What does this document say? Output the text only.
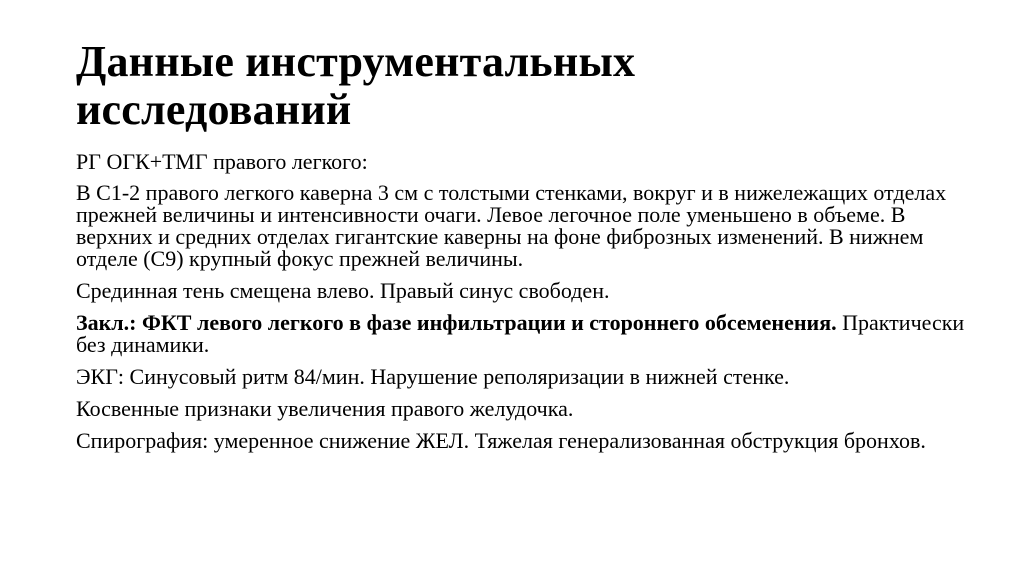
Данные инструментальных
исследований

РГ ОГК+ТМГ правого легкого:

В С1-2 правого легкого каверна 3 см с толстыми стенками, вокруг и в нижележащих отделах прежней величины и интенсивности очаги. Левое легочное поле уменьшено в объеме. В верхних и средних отделах гигантские каверны на фоне фиброзных изменений. В нижнем отделе (С9) крупный фокус прежней величины.

Срединная тень смещена влево. Правый синус свободен.

Закл.: ФКТ левого легкого в фазе инфильтрации и стороннего обсеменения. Практически без динамики.

ЭКГ: Синусовый ритм 84/мин. Нарушение реполяризации в нижней стенке.

Косвенные признаки увеличения правого желудочка.

Спирография: умеренное снижение ЖЕЛ. Тяжелая генерализованная обструкция бронхов.
